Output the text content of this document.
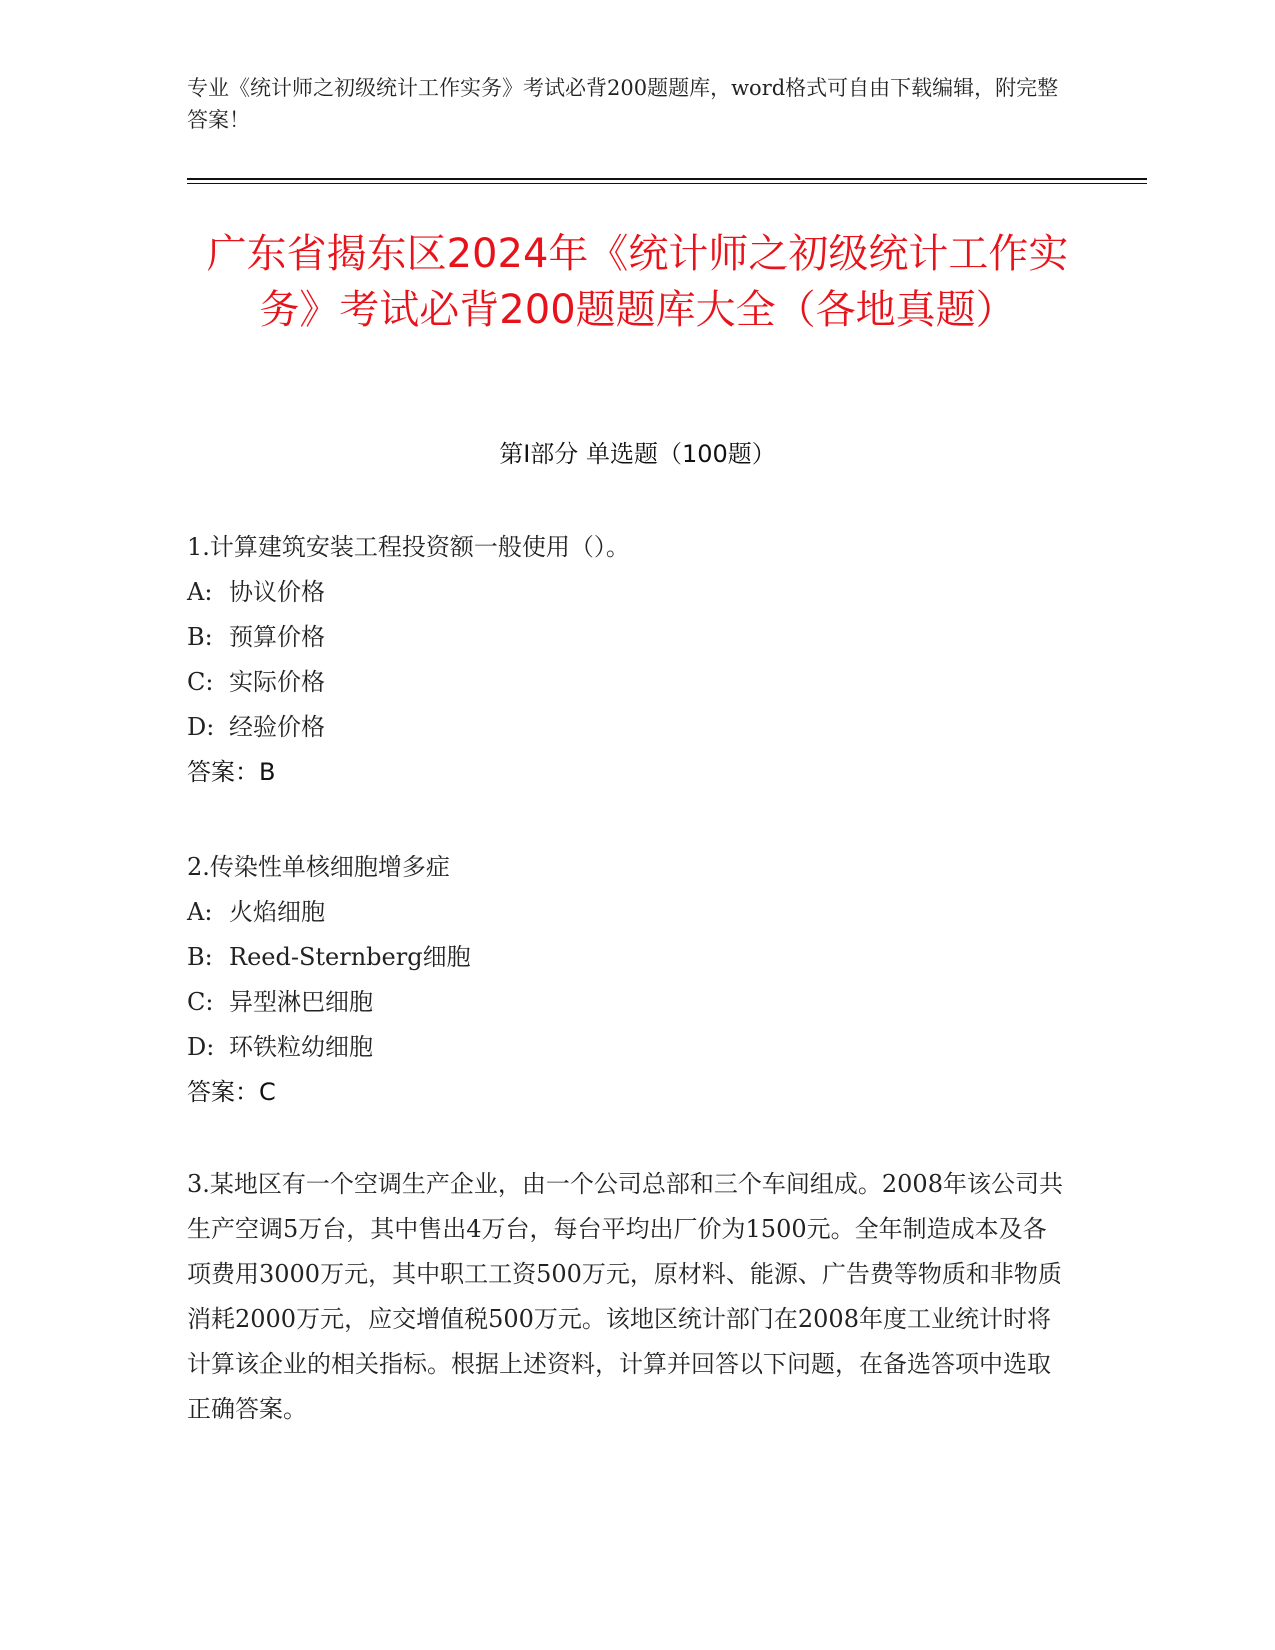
专业《统计师之初级统计工作实务》考试必背200题题库，word格式可自由下载编辑，附完整答案！
广东省揭东区2024年《统计师之初级统计工作实务》考试必背200题题库大全（各地真题）
第Ⅰ部分 单选题（100题）
1.计算建筑安装工程投资额一般使用（）。
A: 协议价格
B: 预算价格
C: 实际价格
D: 经验价格
答案：B
2.传染性单核细胞增多症
A: 火焰细胞
B: Reed-Sternberg细胞
C: 异型淋巴细胞
D: 环铁粒幼细胞
答案：C
3.某地区有一个空调生产企业，由一个公司总部和三个车间组成。2008年该公司共生产空调5万台，其中售出4万台，每台平均出厂价为1500元。全年制造成本及各项费用3000万元，其中职工工资500万元，原材料、能源、广告费等物质和非物质消耗2000万元，应交增值税500万元。该地区统计部门在2008年度工业统计时将计算该企业的相关指标。根据上述资料，计算并回答以下问题，在备选答项中选取正确答案。
